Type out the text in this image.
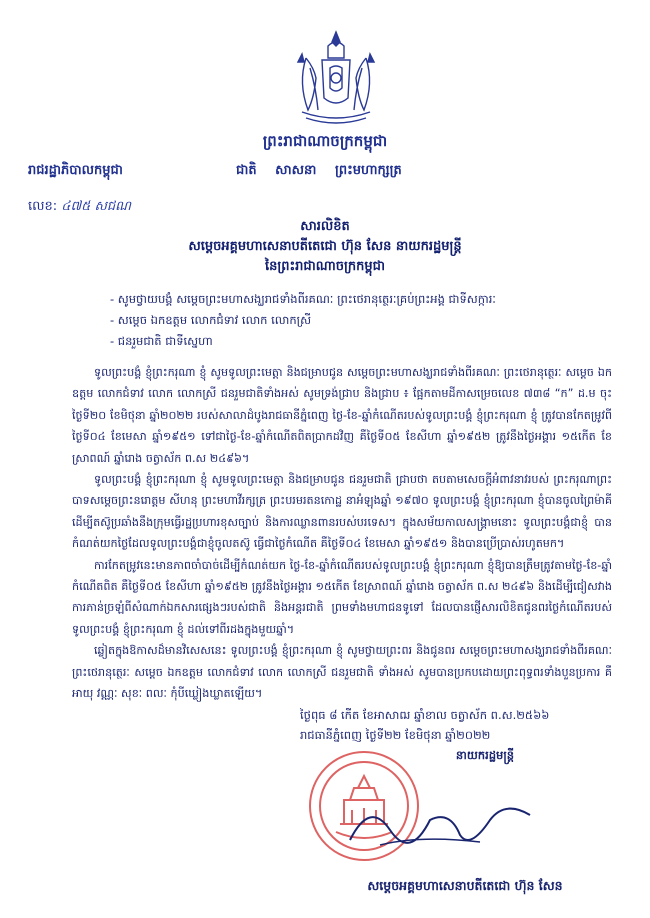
ព្រះរាជាណាចក្រកម្ពុជា
រាជរដ្ឋាភិបាលកម្ពុជា	ជាតិ សាសនា ព្រះមហាក្សត្រ
លេខ: ៤៧៥ សជណ
សារលិខិត
សម្តេចអគ្គមហាសេនាបតីតេជោ ហ៊ុន សែន នាយករដ្ឋមន្ត្រី
នៃព្រះរាជាណាចក្រកម្ពុជា
- សូមថ្វាយបង្គំ សម្តេចព្រះមហាសង្ឃរាជទាំងពីរគណៈ ព្រះថេរានុត្ថេរៈគ្រប់ព្រះអង្គ ជាទីសក្ការៈ
- សម្តេច ឯកឧត្តម លោកជំទាវ លោក លោកស្រី
- ជនរួមជាតិ ជាទីស្នេហា

ទូលព្រះបង្គំ ខ្ញុំព្រះករុណា ខ្ញុំ សូមទូលព្រះមេត្តា និងជម្រាបជូន សម្តេចព្រះមហាសង្ឃរាជទាំងពីរគណៈ ព្រះថេរានុត្ថេរៈ សម្តេច ឯកឧត្តម លោកជំទាវ លោក លោកស្រី ជនរួមជាតិទាំងអស់ សូមទ្រង់ជ្រាប និងជ្រាប ៖ ផ្អែកតាមដីកាសម្រេចលេខ ៧៣៨ “ក” ដ.ម ចុះថ្ងៃទី២០ ខែមិថុនា ឆ្នាំ២០២២ របស់សាលាដំបូងរាជធានីភ្នំពេញ ថ្ងៃ-ខែ-ឆ្នាំកំណើតរបស់ទូលព្រះបង្គំ ខ្ញុំព្រះករុណា ខ្ញុំ ត្រូវបានកែតម្រូវពីថ្ងៃទី០៤ ខែមេសា ឆ្នាំ១៩៥១ ទៅជាថ្ងៃ-ខែ-ឆ្នាំកំណើតពិតប្រាកដវិញ គឺថ្ងៃទី០៥ ខែសីហា ឆ្នាំ១៩៥២ ត្រូវនឹងថ្ងៃអង្គារ ១៥កើត ខែស្រាពណ៍ ឆ្នាំរោង ចត្វាស័ក ព.ស ២៤៩៦។

ទូលព្រះបង្គំ ខ្ញុំព្រះករុណា ខ្ញុំ សូមទូលព្រះមេត្តា និងជម្រាបជូន ជនរួមជាតិ ជ្រាបថា តបតាមសេចក្តីអំពាវនាវរបស់ ព្រះករុណាព្រះបាទសម្តេចព្រះនរោត្តម សីហនុ ព្រះមហាវីរក្សត្រ ព្រះបរមរតនកោដ្ឋ នាអំឡុងឆ្នាំ ១៩៧០ ទូលព្រះបង្គំ ខ្ញុំព្រះករុណា ខ្ញុំបានចូលព្រៃម៉ាគី ដើម្បីតស៊ូប្រឆាំងនឹងក្រុមធ្វើរដ្ឋប្រហារខុសច្បាប់ និងការឈ្លានពានរបស់បរទេស។ ក្នុងសម័យកាលសង្គ្រាមនោះ ទូលព្រះបង្គំជាខ្ញុំ បានកំណត់យកថ្ងៃដែលទូលព្រះបង្គំជាខ្ញុំចូលតស៊ូ ធ្វើជាថ្ងៃកំណើត គឺថ្ងៃទី០៤ ខែមេសា ឆ្នាំ១៩៥១ និងបានប្រើប្រាស់រហូតមក។

ការកែតម្រូវនេះមានភាពចាំបាច់ដើម្បីកំណត់យក ថ្ងៃ-ខែ-ឆ្នាំកំណើតរបស់ទូលព្រះបង្គំ ខ្ញុំព្រះករុណា ខ្ញុំឱ្យបានត្រឹមត្រូវតាមថ្ងៃ-ខែ-ឆ្នាំកំណើតពិត គឺថ្ងៃទី០៥ ខែសីហា ឆ្នាំ១៩៥២ ត្រូវនឹងថ្ងៃអង្គារ ១៥កើត ខែស្រាពណ៍ ឆ្នាំរោង ចត្វាស័ក ព.ស ២៤៩៦ និងដើម្បីជៀសវាងការភាន់ច្រឡំពីសំណាក់ឯកសារផ្សេងៗរបស់ជាតិ និងអន្តរជាតិ ព្រមទាំងមហាជនទូទៅ ដែលបានផ្ញើសារលិខិតជូនពរថ្ងៃកំណើតរបស់ទូលព្រះបង្គំ ខ្ញុំព្រះករុណា ខ្ញុំ ដល់ទៅពីរដងក្នុងមួយឆ្នាំ។

ឆ្លៀតក្នុងឱកាសដ៏មានវិសេសនេះ ទូលព្រះបង្គំ ខ្ញុំព្រះករុណា ខ្ញុំ សូមថ្វាយព្រះពរ និងជូនពរ សម្តេចព្រះមហាសង្ឃរាជទាំងពីរគណៈ ព្រះថេរានុត្ថេរៈ សម្តេច ឯកឧត្តម លោកជំទាវ លោក លោកស្រី ជនរួមជាតិ ទាំងអស់ សូមបានប្រកបដោយព្រះពុទ្ធពរទាំងបួនប្រការ គឺ អាយុ វណ្ណៈ សុខៈ ពលៈ កុំបីឃ្លៀងឃ្លាតឡើយ។

ថ្ងៃពុធ ៨ កើត ខែអាសាឍ ឆ្នាំខាល ចត្វាស័ក ព.ស.២៥៦៦
រាជធានីភ្នំពេញ ថ្ងៃទី២២ ខែមិថុនា ឆ្នាំ២០២២
នាយករដ្ឋមន្ត្រី
សម្តេចអគ្គមហាសេនាបតីតេជោ ហ៊ុន សែន
